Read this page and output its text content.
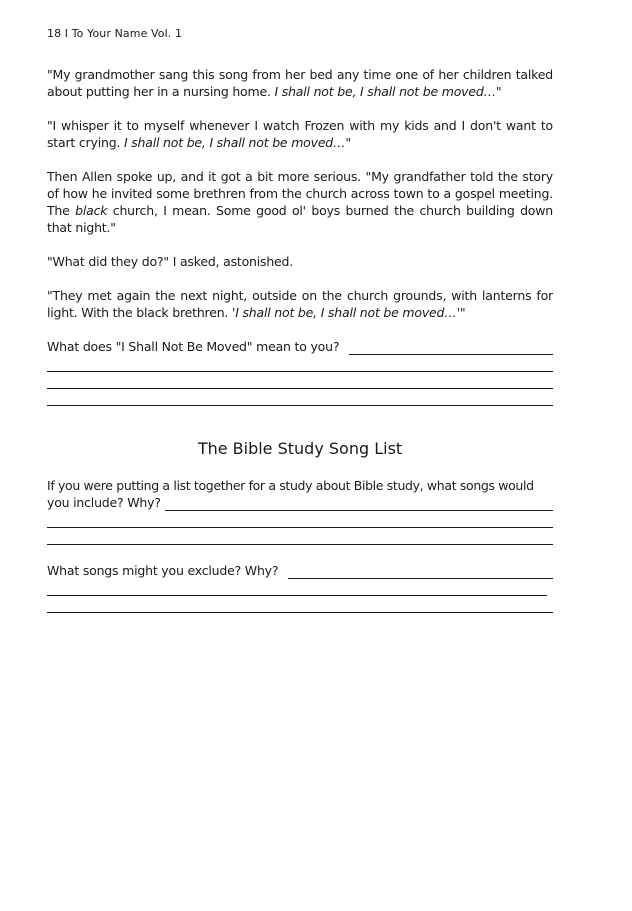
18 I To Your Name Vol. 1

"My grandmother sang this song from her bed any time one of her children talked about putting her in a nursing home. I shall not be, I shall not be moved…"

"I whisper it to myself whenever I watch Frozen with my kids and I don't want to start crying. I shall not be, I shall not be moved…"

Then Allen spoke up, and it got a bit more serious. "My grandfather told the story of how he invited some brethren from the church across town to a gospel meeting. The black church, I mean. Some good ol' boys burned the church building down that night."

"What did they do?" I asked, astonished.

"They met again the next night, outside on the church grounds, with lanterns for light. With the black brethren. 'I shall not be, I shall not be moved…'"

What does "I Shall Not Be Moved" mean to you?
The Bible Study Song List
If you were putting a list together for a study about Bible study, what songs would
you include? Why?
What songs might you exclude? Why?
